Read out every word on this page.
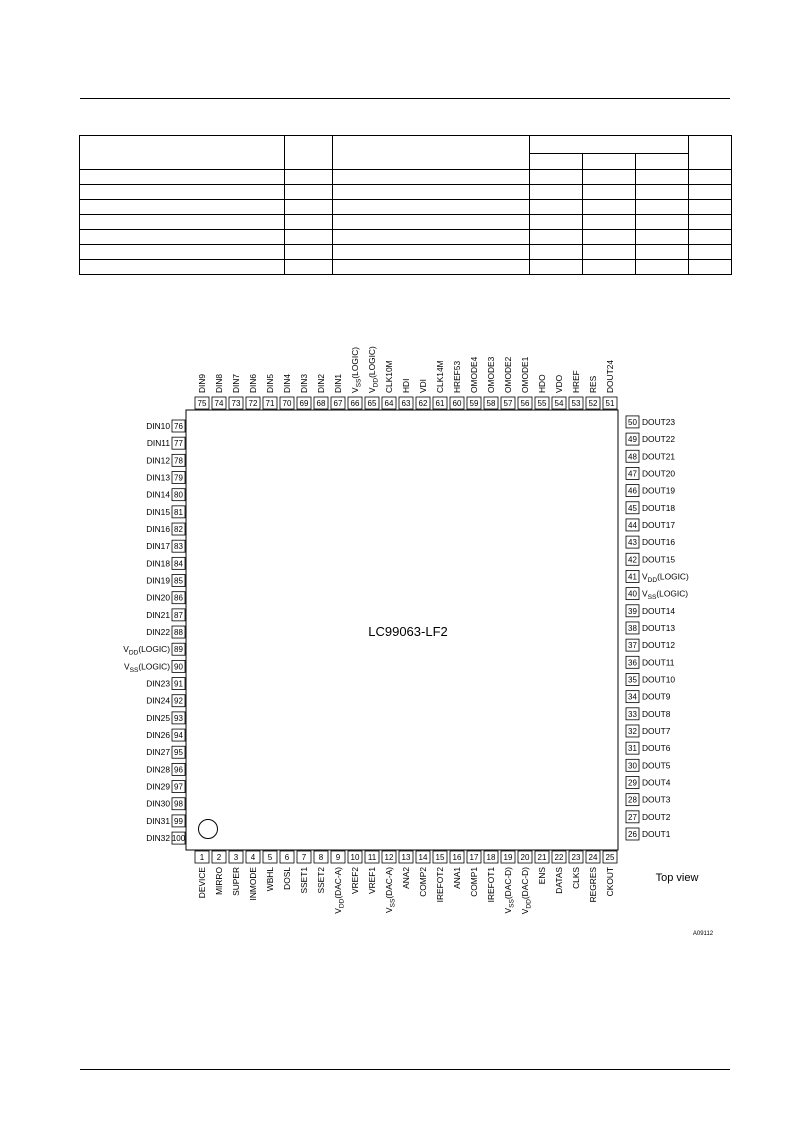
LC99063-LF2
Top view
A09112
1
DEVICE
2
MIRRO
3
SUPER
4
INMODE
5
WBHL
6
DOSL
7
SSET1
8
SSET2
9
$V_{DD}(DAC-A)$
10
VREF2
11
VREF1
12
$V_{SS}(DAC-A)$
13
ANA2
14
COMP2
15
IREFOT2
16
ANA1
17
COMP1
18
IREFOT1
19
$V_{SS}(DAC-D)$
20
$V_{DD}(DAC-D)$
21
ENS
22
DATAS
23
CLKS
24
REGRES
25
CKOUT
51
DOUT24
52
RES
53
HREF
54
VDO
55
HDO
56
OMODE1
57
OMODE2
58
OMODE3
59
OMODE4
60
HREF53
61
CLK14M
62
VDI
63
HDI
64
CLK10M
65
$V_{DD}(LOGIC)$
66
$V_{SS}(LOGIC)$
67
DIN1
68
DIN2
69
DIN3
70
DIN4
71
DIN5
72
DIN6
73
DIN7
74
DIN8
75
DIN9
26 DOUT1
27 DOUT2
28 DOUT3
29 DOUT4
30 DOUT5
31 DOUT6
32 DOUT7
33 DOUT8
34 DOUT9
35 DOUT10
36 DOUT11
37 DOUT12
38 DOUT13
39 DOUT14
40 $V_{SS}(LOGIC)$
41 $V_{DD}(LOGIC)$
42 DOUT15
43 DOUT16
44 DOUT17
45 DOUT18
46 DOUT19
47 DOUT20
48 DOUT21
49 DOUT22
50 DOUT23
76
DIN10
77
DIN11
78
DIN12
79
DIN13
80
DIN14
81
DIN15
82
DIN16
83
DIN17
84
DIN18
85
DIN19
86
DIN20
87
DIN21
88
DIN22
89
$V_{DD}(LOGIC)$
90
$V_{SS}(LOGIC)$
91
DIN23
92
DIN24
93
DIN25
94
DIN26
95
DIN27
96
DIN28
97
DIN29
98
DIN30
99
DIN31
100
DIN32
